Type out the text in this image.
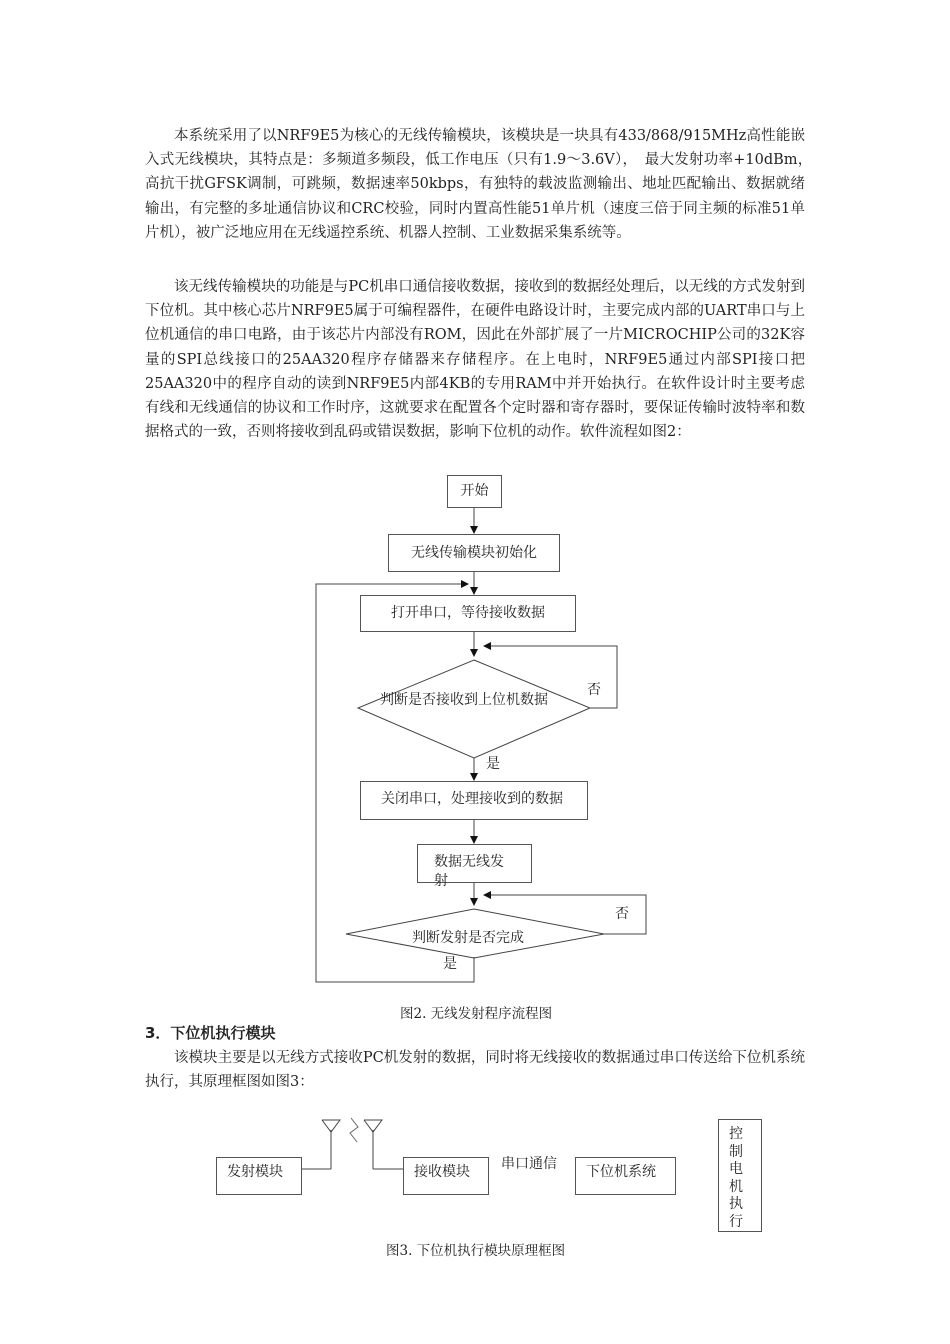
本系统采用了以NRF9E5为核心的无线传输模块，该模块是一块具有433/868/915MHz高性能嵌入式无线模块，其特点是：多频道多频段，低工作电压（只有1.9～3.6V），　最大发射功率+10dBm，　高抗干扰GFSK调制，可跳频，数据速率50kbps，有独特的载波监测输出、地址匹配输出、数据就绪输出，有完整的多址通信协议和CRC校验，同时内置高性能51单片机（速度三倍于同主频的标准51单片机），被广泛地应用在无线遥控系统、机器人控制、工业数据采集系统等。

该无线传输模块的功能是与PC机串口通信接收数据，接收到的数据经处理后，以无线的方式发射到下位机。其中核心芯片NRF9E5属于可编程器件，在硬件电路设计时，主要完成内部的UART串口与上位机通信的串口电路，由于该芯片内部没有ROM，因此在外部扩展了一片MICROCHIP公司的32K容量的SPI总线接口的25AA320程序存储器来存储程序。在上电时，NRF9E5通过内部SPI接口把25AA320中的程序自动的读到NRF9E5内部4KB的专用RAM中并开始执行。在软件设计时主要考虑有线和无线通信的协议和工作时序，这就要求在配置各个定时器和寄存器时，要保证传输时波特率和数据格式的一致，否则将接收到乱码或错误数据，影响下位机的动作。软件流程如图2：

开始
无线传输模块初始化
打开串口，等待接收数据
判断是否接收到上位机数据
否
是
关闭串口，处理接收到的数据
数据无线发射
判断发射是否完成
否
是
图2. 无线发射程序流程图
3．下位机执行模块

该模块主要是以无线方式接收PC机发射的数据，同时将无线接收的数据通过串口传送给下位机系统执行，其原理框图如图3：

发射模块	接收模块	串口通信	下位机系统
控制电机执行
图3. 下位机执行模块原理框图
